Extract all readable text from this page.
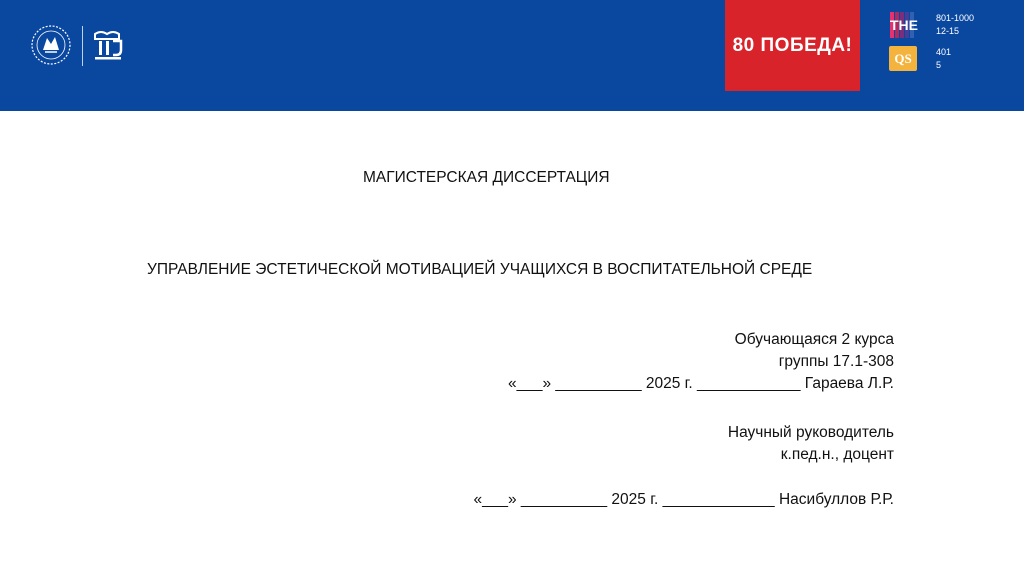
80 ПОБЕДА!
THE 801-1000
12-15
QS	401
5
МАГИСТЕРСКАЯ ДИССЕРТАЦИЯ
УПРАВЛЕНИЕ ЭСТЕТИЧЕСКОЙ МОТИВАЦИЕЙ УЧАЩИХСЯ В ВОСПИТАТЕЛЬНОЙ СРЕДЕ
Обучающаяся 2 курса
группы 17.1-308
«___» __________ 2025 г. ____________ Гараева Л.Р.
Научный руководитель
к.пед.н., доцент
«___» __________ 2025 г. _____________ Насибуллов Р.Р.
